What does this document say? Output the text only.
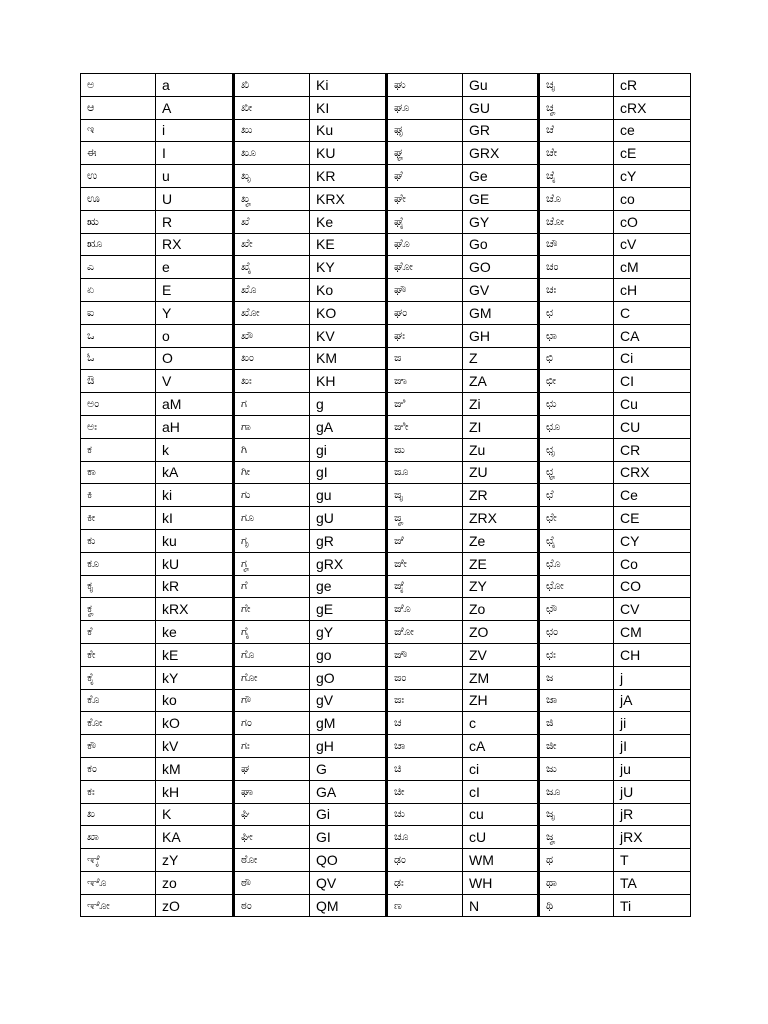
ಅ	a	ಖಿ	Ki	ಘು	Gu	ಚೃ	cR
ಆ	A	ಖೀ	KI	ಘೂ	GU	ಚೄ	cRX
ಇ	i	ಖು	Ku	ಘೃ	GR	ಚೆ	ce
ಈ	I	ಖೂ	KU	ಘೄ	GRX	ಚೇ	cE
ಉ	u	ಖೃ	KR	ಘೆ	Ge	ಚೈ	cY
ಊ	U	ಖೄ	KRX	ಘೇ	GE	ಚೊ	co
ಋ	R	ಖೆ	Ke	ಘೈ	GY	ಚೋ	cO
ೠ	RX	ಖೇ	KE	ಘೊ	Go	ಚೌ	cV
ಎ	e	ಖೈ	KY	ಘೋ	GO	ಚಂ	cM
ಏ	E	ಖೊ	Ko	ಘೌ	GV	ಚಃ	cH
ಐ	Y	ಖೋ	KO	ಘಂ	GM	ಛ	C
ಒ	o	ಖೌ	KV	ಘಃ	GH	ಛಾ	CA
ಓ	O	ಖಂ	KM	ಙ	Z	ಛಿ	Ci
ಔ	V	ಖಃ	KH	ಙಾ	ZA	ಛೀ	CI
ಅಂ	aM	ಗ	g	ಙಿ	Zi	ಛು	Cu
ಅಃ	aH	ಗಾ	gA	ಙೀ	ZI	ಛೂ	CU
ಕ	k	ಗಿ	gi	ಙು	Zu	ಛೃ	CR
ಕಾ	kA	ಗೀ	gI	ಙೂ	ZU	ಛೄ	CRX
ಕಿ	ki	ಗು	gu	ಙೃ	ZR	ಛೆ	Ce
ಕೀ	kI	ಗೂ	gU	ಙೄ	ZRX	ಛೇ	CE
ಕು	ku	ಗೃ	gR	ಙೆ	Ze	ಛೈ	CY
ಕೂ	kU	ಗೄ	gRX	ಙೇ	ZE	ಛೊ	Co
ಕೃ	kR	ಗೆ	ge	ಙೈ	ZY	ಛೋ	CO
ಕೄ	kRX	ಗೇ	gE	ಙೊ	Zo	ಛೌ	CV
ಕೆ	ke	ಗೈ	gY	ಙೋ	ZO	ಛಂ	CM
ಕೇ	kE	ಗೊ	go	ಙೌ	ZV	ಛಃ	CH
ಕೈ	kY	ಗೋ	gO	ಙಂ	ZM	ಜ	j
ಕೊ	ko	ಗೌ	gV	ಙಃ	ZH	ಜಾ	jA
ಕೋ	kO	ಗಂ	gM	ಚ	c	ಜಿ	ji
ಕೌ	kV	ಗಃ	gH	ಚಾ	cA	ಜೀ	jI
ಕಂ	kM	ಘ	G	ಚಿ	ci	ಜು	ju
ಕಃ	kH	ಘಾ	GA	ಚೀ	cI	ಜೂ	jU
ಖ	K	ಘಿ	Gi	ಚು	cu	ಜೃ	jR
ಖಾ	KA	ಘೀ	GI	ಚೂ	cU	ಜೄ	jRX
ಞೈ	zY	ಠೋ	QO	ಢಂ	WM	ಥ	T
ಞೊ	zo	ಠೌ	QV	ಢಃ	WH	ಥಾ	TA
ಞೋ	zO	ಠಂ	QM	ಣ	N	ಥಿ	Ti
